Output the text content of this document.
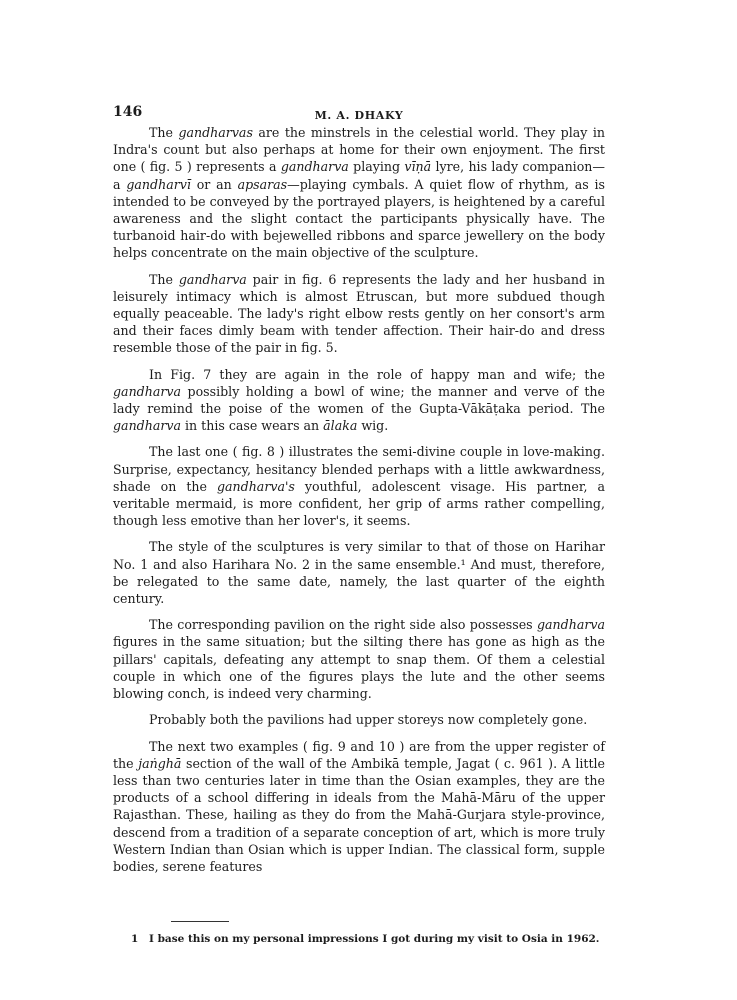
146	M. A. DHAKY

The gandharvas are the minstrels in the celestial world. They play in Indra's count but also perhaps at home for their own enjoyment. The first one ( fig. 5 ) represents a gandharva playing vīṇā lyre, his lady companion—a gandharvī or an apsaras—playing cymbals. A quiet flow of rhythm, as is intended to be conveyed by the portrayed players, is heightened by a careful awareness and the slight contact the participants physically have. The turbanoid hair-do with bejewelled ribbons and sparce jewellery on the body helps concentrate on the main objective of the sculpture.

The gandharva pair in fig. 6 represents the lady and her husband in leisurely intimacy which is almost Etruscan, but more subdued though equally peaceable. The lady's right elbow rests gently on her consort's arm and their faces dimly beam with tender affection. Their hair-do and dress resemble those of the pair in fig. 5.

In Fig. 7 they are again in the role of happy man and wife; the gandharva possibly holding a bowl of wine; the manner and verve of the lady remind the poise of the women of the Gupta-Vākāṭaka period. The gandharva in this case wears an ālaka wig.

The last one ( fig. 8 ) illustrates the semi-divine couple in love-making. Surprise, expectancy, hesitancy blended perhaps with a little awkwardness, shade on the gandharva's youthful, adolescent visage. His partner, a veritable mermaid, is more confident, her grip of arms rather compelling, though less emotive than her lover's, it seems.

The style of the sculptures is very similar to that of those on Harihar No. 1 and also Harihara No. 2 in the same ensemble.¹ And must, therefore, be relegated to the same date, namely, the last quarter of the eighth century.

The corresponding pavilion on the right side also possesses gandharva figures in the same situation; but the silting there has gone as high as the pillars' capitals, defeating any attempt to snap them. Of them a celestial couple in which one of the figures plays the lute and the other seems blowing conch, is indeed very charming.

Probably both the pavilions had upper storeys now completely gone.

The next two examples ( fig. 9 and 10 ) are from the upper register of the jaṅghā section of the wall of the Ambikā temple, Jagat ( c. 961 ). A little less than two centuries later in time than the Osian examples, they are the products of a school differing in ideals from the Mahā-Māru of the upper Rajasthan. These, hailing as they do from the Mahā-Gurjara style-province, descend from a tradition of a separate conception of art, which is more truly Western Indian than Osian which is upper Indian. The classical form, supple bodies, serene features

1 I base this on my personal impressions I got during my visit to Osia in 1962.
